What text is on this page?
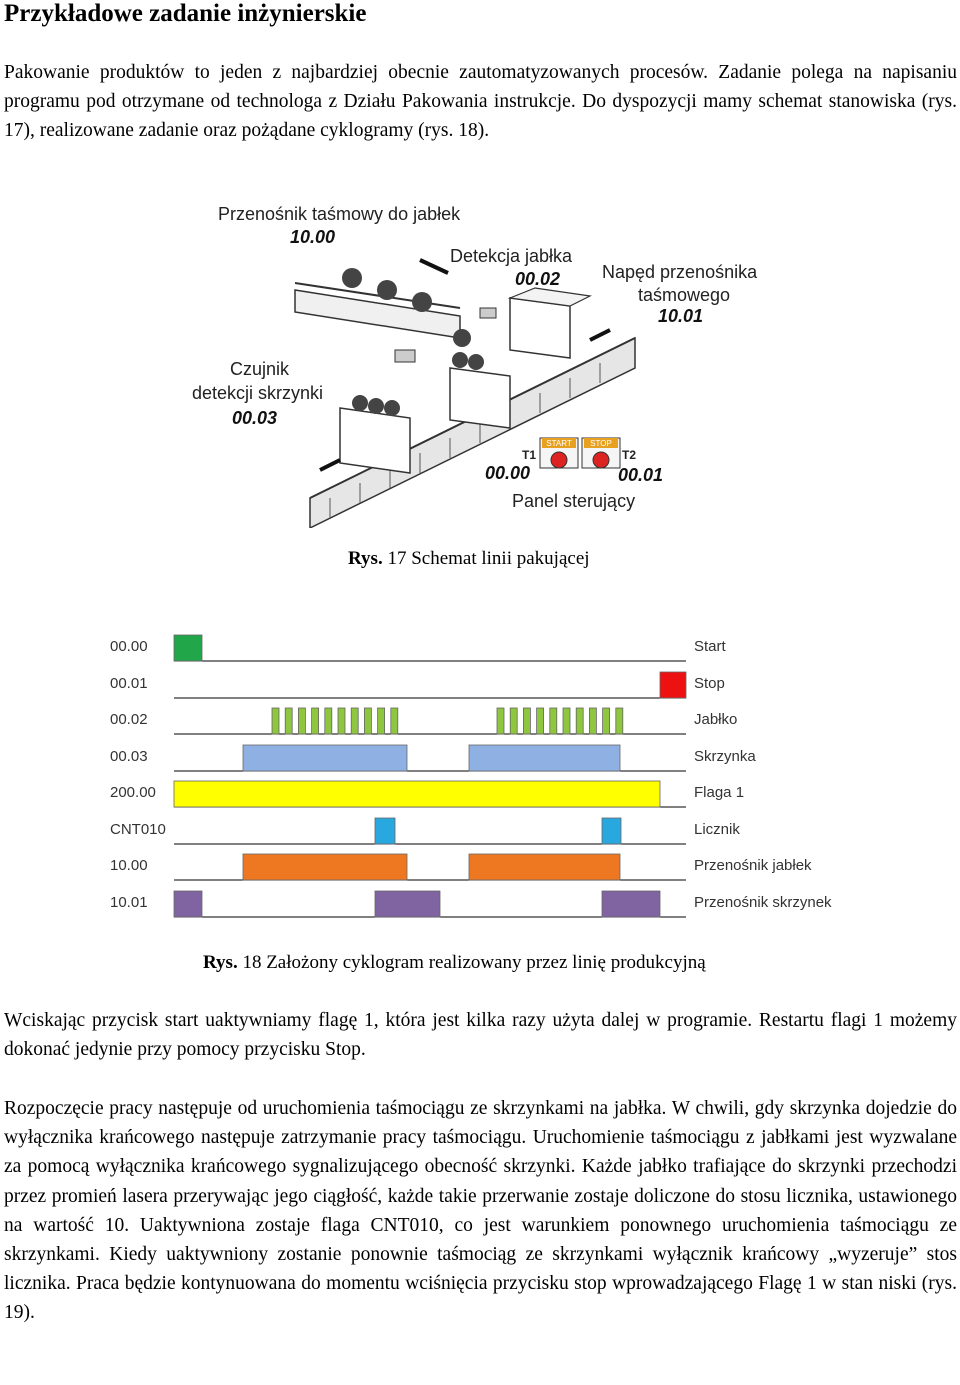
Przykładowe zadanie inżynierskie

Pakowanie produktów to jeden z najbardziej obecnie zautomatyzowanych procesów. Zadanie polega na napisaniu programu pod otrzymane od technologa z Działu Pakowania instrukcje. Do dyspozycji mamy schemat stanowiska (rys. 17), realizowane zadanie oraz pożądane cyklogramy (rys. 18).

START STOP
Przenośnik taśmowy do jabłek
10.00
Detekcja jabłka
00.02 Napęd przenośnika
taśmowego
10.01
Czujnik
detekcji skrzynki
00.03
T1	T2
00.00	00.01
Panel sterujący
Rys. 17 Schemat linii pakującej
00.00	Start
00.01	Stop
00.02	Jabłko
00.03	Skrzynka
200.00	Flaga 1
CNT010	Licznik
10.00	Przenośnik jabłek
10.01	Przenośnik skrzynek
Rys. 18 Założony cyklogram realizowany przez linię produkcyjną

Wciskając przycisk start uaktywniamy flagę 1, która jest kilka razy użyta dalej w programie. Restartu flagi 1 możemy dokonać jedynie przy pomocy przycisku Stop.

Rozpoczęcie pracy następuje od uruchomienia taśmociągu ze skrzynkami na jabłka. W chwili, gdy skrzynka dojedzie do wyłącznika krańcowego następuje zatrzymanie pracy taśmociągu. Uruchomienie taśmociągu z jabłkami jest wyzwalane za pomocą wyłącznika krańcowego sygnalizującego obecność skrzynki. Każde jabłko trafiające do skrzynki przechodzi przez promień lasera przerywając jego ciągłość, każde takie przerwanie zostaje doliczone do stosu licznika, ustawionego na wartość 10. Uaktywniona zostaje flaga CNT010, co jest warunkiem ponownego uruchomienia taśmociągu ze skrzynkami. Kiedy uaktywniony zostanie ponownie taśmociąg ze skrzynkami wyłącznik krańcowy „wyzeruje” stos licznika. Praca będzie kontynuowana do momentu wciśnięcia przycisku stop wprowadzającego Flagę 1 w stan niski (rys. 19).
